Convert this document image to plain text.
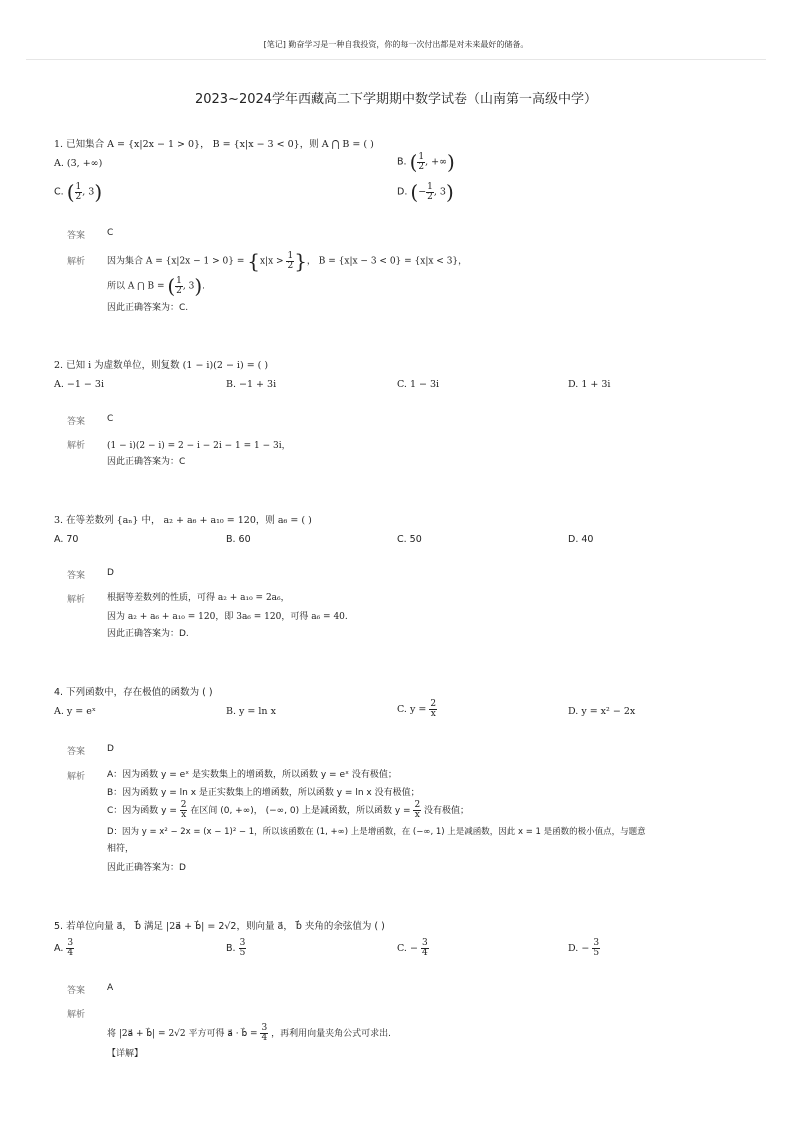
[笔记] 勤奋学习是一种自我投资，你的每一次付出都是对未来最好的储备。
2023~2024学年西藏高二下学期期中数学试卷（山南第一高级中学）
1. 已知集合 A = {x|2x − 1 > 0}， B = {x|x − 3 < 0}，则 A ⋂ B = ( )
A. (3, +∞)	B. ( $\frac{1}{2}$ , +∞)
C. ( $\frac{1}{2}$ , 3)	D. (− $\frac{1}{2}$ , 3)
答案 C
解析 因为集合 $A = \{x|2x - 1 > 0\} = \{x|x > \frac{1}{2}$ }， B = {x|x − 3 < 0} = {x|x < 3}，
所以 A ⋂ B = ( $\frac{1}{2}$ , 3).
因此正确答案为：C.
2. 已知 i 为虚数单位，则复数 (1 − i)(2 − i) = ( )
A. −1 − 3i	B. −1 + 3i	C. 1 − 3i	D. 1 + 3i
答案 C
解析 (1 − i)(2 − i) = 2 − i − 2i − 1 = 1 − 3i，
因此正确答案为：C
3. 在等差数列 {aₙ} 中， a₂ + a₆ + a₁₀ = 120，则 a₆ = ( )
A. 70	B. 60	C. 50	D. 40
答案 D
解析 根据等差数列的性质，可得 a₂ + a₁₀ = 2a₆，
因为 a₂ + a₆ + a₁₀ = 120，即 3a₆ = 120，可得 a₆ = 40.
因此正确答案为：D.
4. 下列函数中，存在极值的函数为 ( )
A. y = eˣ	B. y = ln x	C. $y = \frac{2}{x}$	D. y = x² − 2x
答案 D
解析 A：因为函数 y = eˣ 是实数集上的增函数，所以函数 y = eˣ 没有极值；
B：因为函数 y = ln x 是正实数集上的增函数，所以函数 y = ln x 没有极值；
C：因为函数 $y = \frac{2}{x}$ 在区间 (0, +∞)， (−∞, 0) 上是减函数，所以函数 $y = \frac{2}{x}$ 没有极值；
D：因为 y = x² − 2x = (x − 1)² − 1，所以该函数在 (1, +∞) 上是增函数，在 (−∞, 1) 上是减函数，因此 x = 1 是函数的极小值点，与题意
相符，
因此正确答案为：D
5. 若单位向量 a⃗， b⃗ 满足 |2a⃗ + b⃗| = 2√2，则向量 a⃗， b⃗ 夹角的余弦值为 ( )
A. $\frac{3}{4}$	B. $\frac{3}{5}$	C. − $\frac{3}{4}$	D. − $\frac{3}{5}$
答案 A
解析
将 |2a⃗ + b⃗| = 2√2 平方可得 a⃗ · b⃗ = $\frac{3}{4}$ ，再利用向量夹角公式可求出.
【详解】
